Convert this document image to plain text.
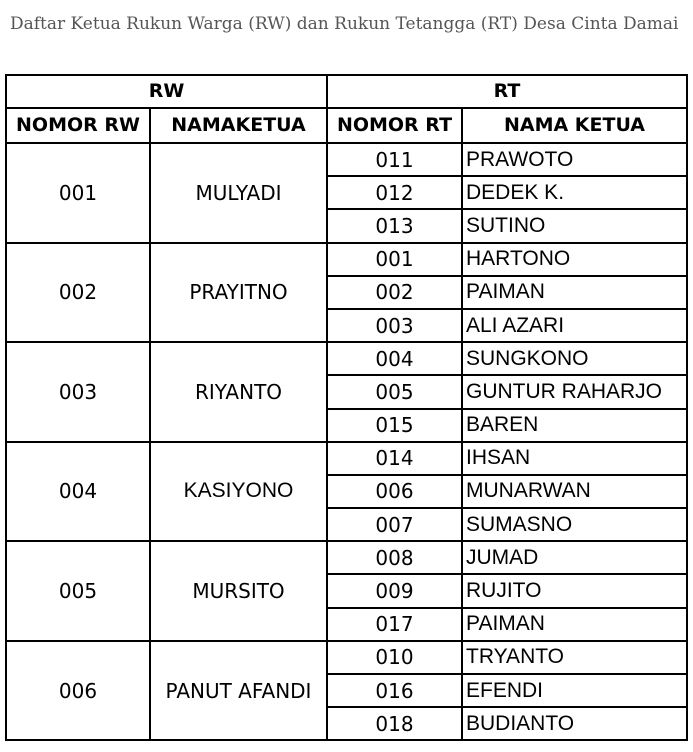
Daftar Ketua Rukun Warga (RW) dan Rukun Tetangga (RT) Desa Cinta Damai
RW		RT	
NOMOR RW	NAMAKETUA	NOMOR RT	NAMA KETUA
001	MULYADI	011	PRAWOTO
		012	DEDEK K.
		013	SUTINO
002	PRAYITNO	001	HARTONO
		002	PAIMAN
		003	ALI AZARI
003	RIYANTO	004	SUNGKONO
		005	GUNTUR RAHARJO
		015	BAREN
004	KASIYONO	014	IHSAN
		006	MUNARWAN
		007	SUMASNO
005	MURSITO	008	JUMAD
		009	RUJITO
		017	PAIMAN
006	PANUT AFANDI	010	TRYANTO
		016	EFENDI
		018	BUDIANTO
